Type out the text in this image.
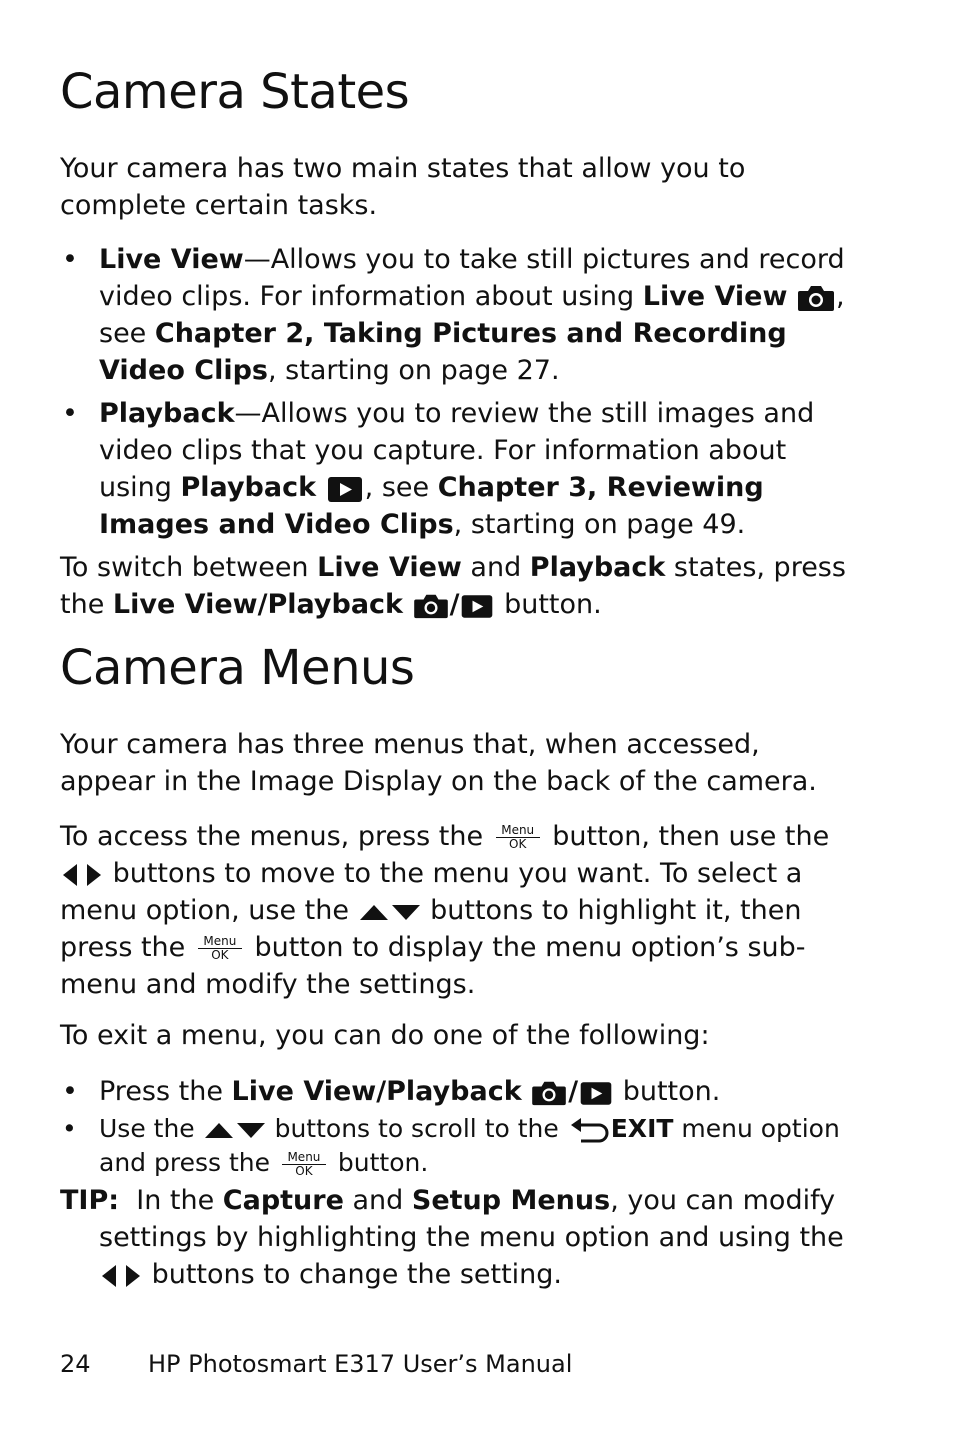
Camera States

Your camera has two main states that allow you to complete certain tasks.

• Live View—Allows you to take still pictures and record video clips. For information about using Live View , see Chapter 2, Taking Pictures and Recording Video Clips, starting on page 27.
• Playback—Allows you to review the still images and video clips that you capture. For information about using Playback , see Chapter 3, Reviewing Images and Video Clips, starting on page 49.

To switch between Live View and Playback states, press the Live View/Playback / button.

Camera Menus

Your camera has three menus that, when accessed, appear in the Image Display on the back of the camera.

To access the menus, press the Menu
OK button, then use the  buttons to move to the menu you want. To select a menu option, use the  buttons to highlight it, then press the Menu
OK button to display the menu option’s sub-menu and modify the settings.

To exit a menu, you can do one of the following:

• Press the Live View/Playback / button.
• Use the	buttons to scroll to the EXIT menu option and press the Menu
OK button.

TIP:  In the Capture and Setup Menus, you can modify settings by highlighting the menu option and using the  buttons to change the setting.

24 HP Photosmart E317 User’s Manual
